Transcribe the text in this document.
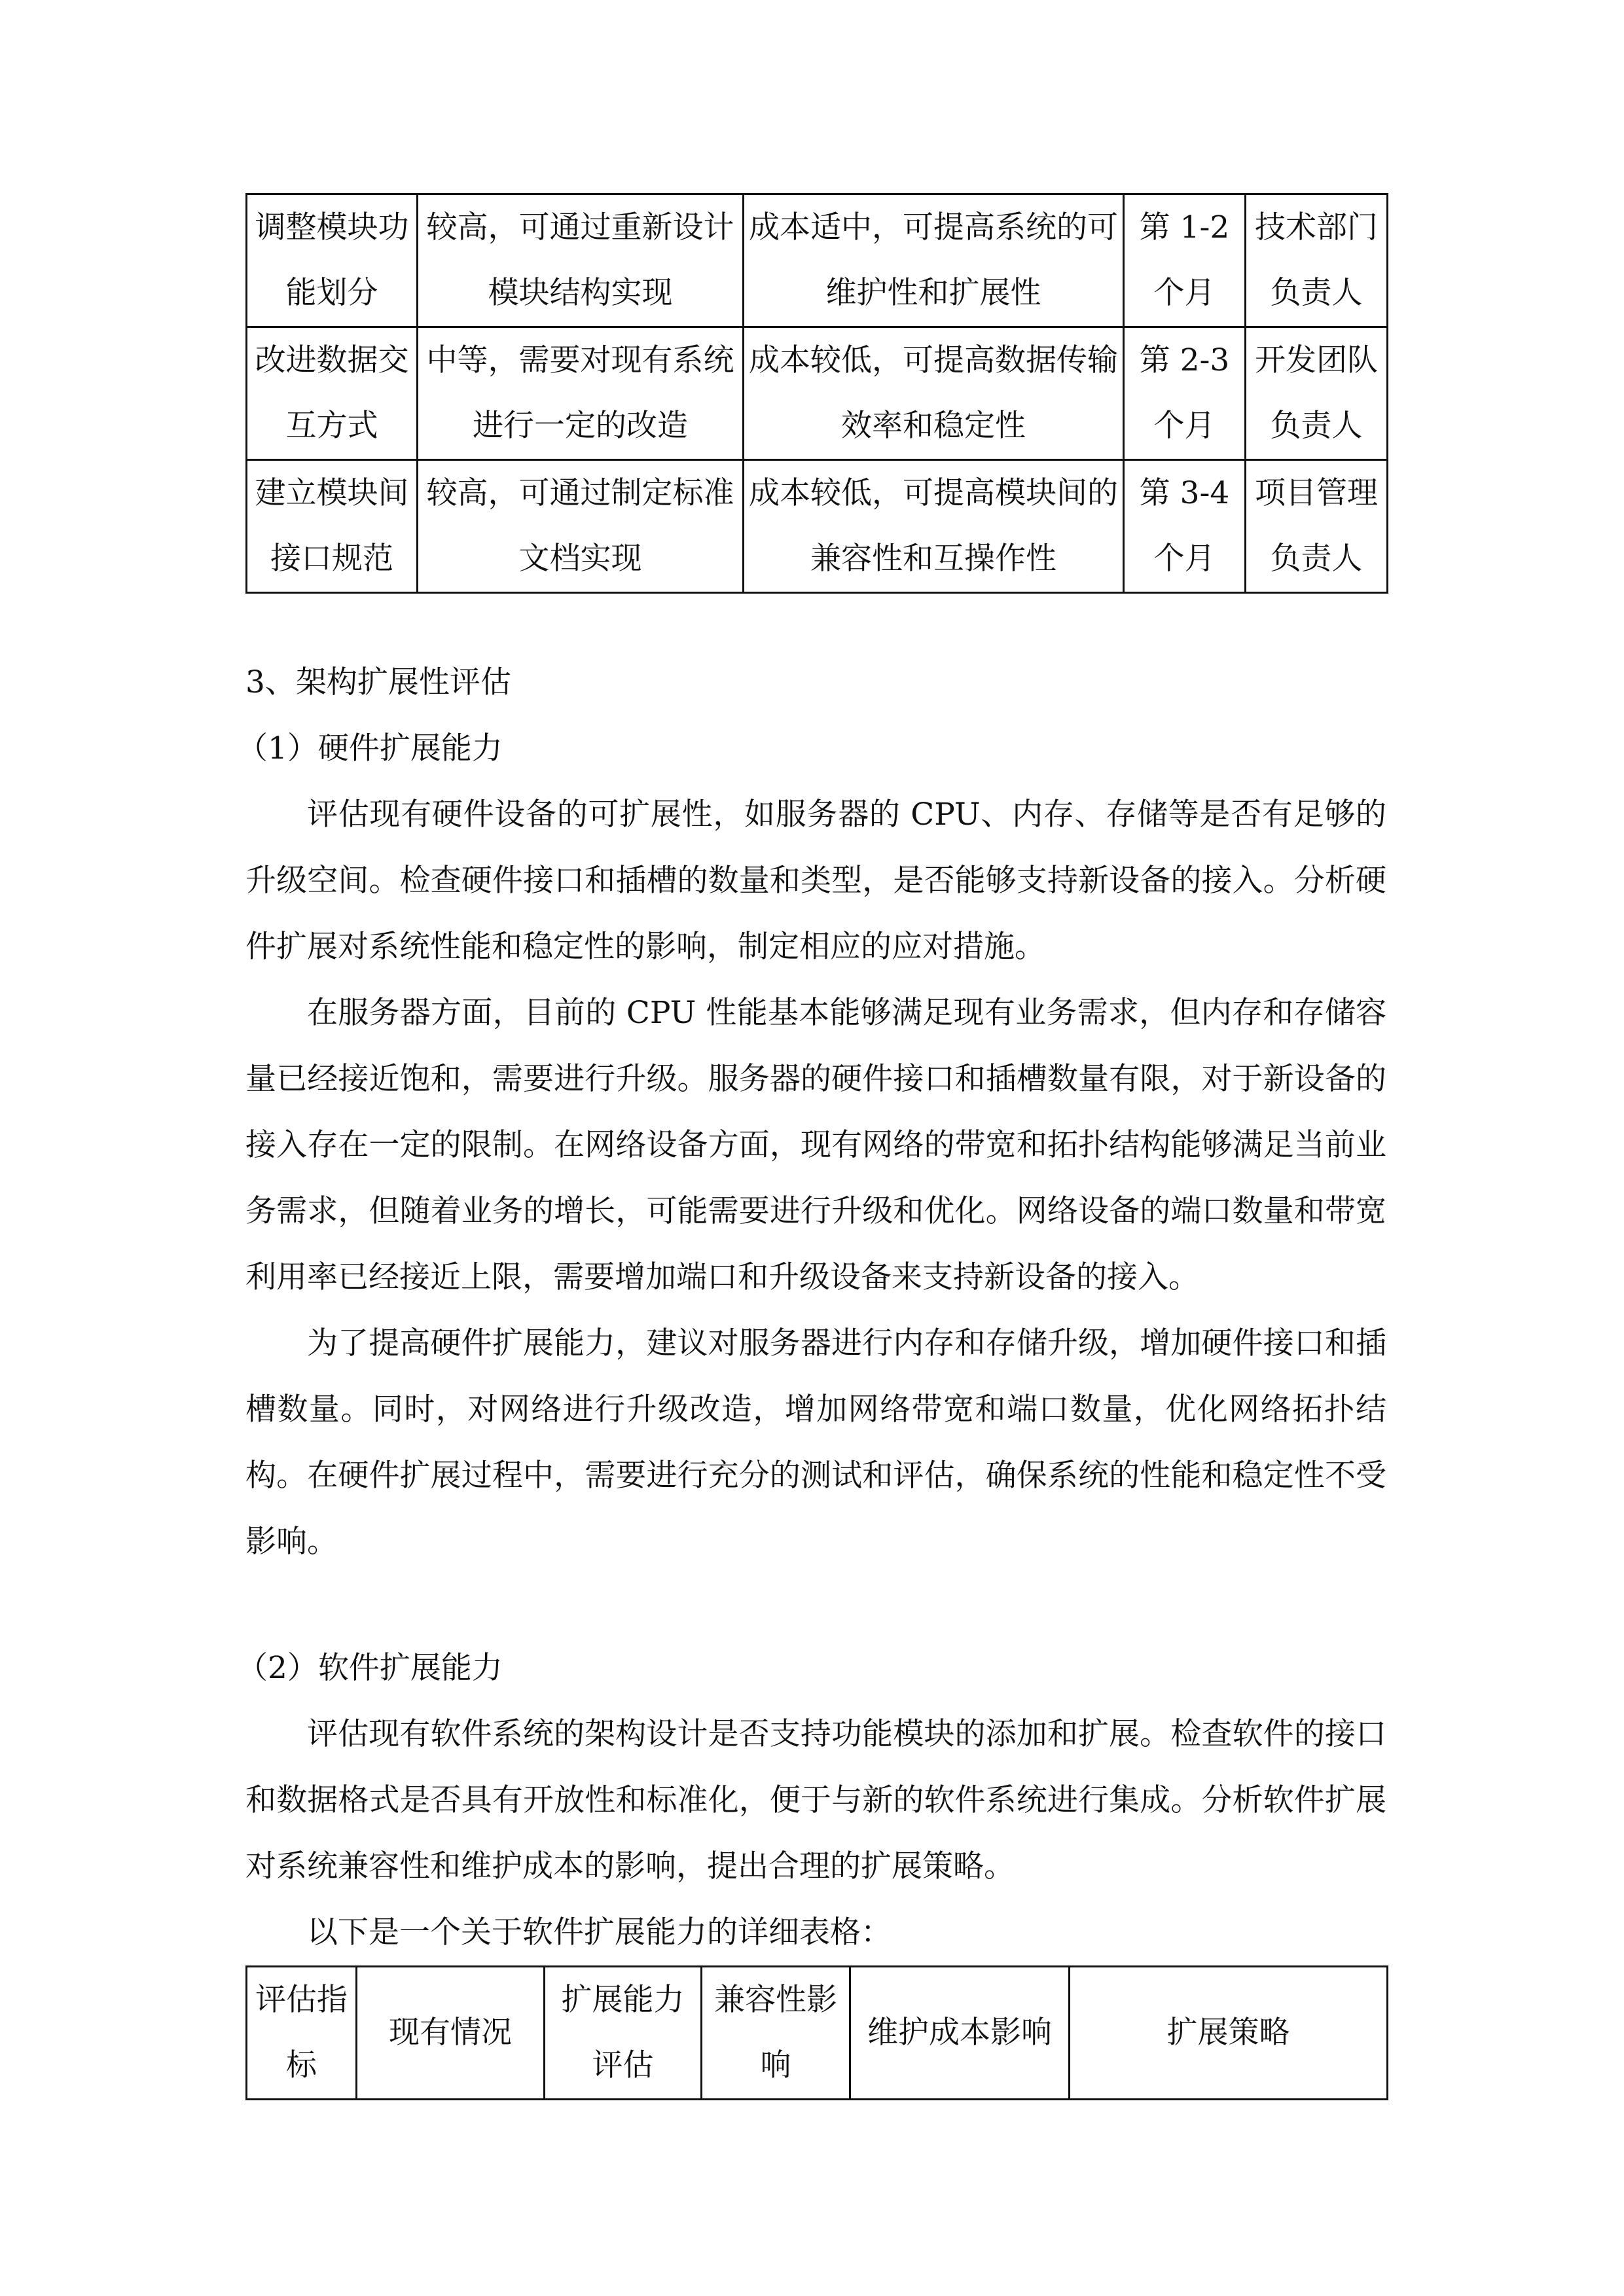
调整模块功能划分	较高，可通过重新设计模块结构实现	成本适中，可提高系统的可维护性和扩展性	第 1-2 个月	技术部门负责人
改进数据交互方式	中等，需要对现有系统进行一定的改造	成本较低，可提高数据传输效率和稳定性	第 2-3 个月	开发团队负责人
建立模块间接口规范	较高，可通过制定标准文档实现	成本较低，可提高模块间的兼容性和互操作性	第 3-4 个月	项目管理负责人
3、架构扩展性评估
（1）硬件扩展能力

评估现有硬件设备的可扩展性，如服务器的 CPU、内存、存储等是否有足够的升级空间。检查硬件接口和插槽的数量和类型，是否能够支持新设备的接入。分析硬件扩展对系统性能和稳定性的影响，制定相应的应对措施。

在服务器方面，目前的 CPU 性能基本能够满足现有业务需求，但内存和存储容量已经接近饱和，需要进行升级。服务器的硬件接口和插槽数量有限，对于新设备的接入存在一定的限制。在网络设备方面，现有网络的带宽和拓扑结构能够满足当前业务需求，但随着业务的增长，可能需要进行升级和优化。网络设备的端口数量和带宽利用率已经接近上限，需要增加端口和升级设备来支持新设备的接入。

为了提高硬件扩展能力，建议对服务器进行内存和存储升级，增加硬件接口和插槽数量。同时，对网络进行升级改造，增加网络带宽和端口数量，优化网络拓扑结构。在硬件扩展过程中，需要进行充分的测试和评估，确保系统的性能和稳定性不受影响。

（2）软件扩展能力

评估现有软件系统的架构设计是否支持功能模块的添加和扩展。检查软件的接口和数据格式是否具有开放性和标准化，便于与新的软件系统进行集成。分析软件扩展对系统兼容性和维护成本的影响，提出合理的扩展策略。

以下是一个关于软件扩展能力的详细表格：

评估指标	现有情况	扩展能力评估	兼容性影响	维护成本影响	扩展策略
